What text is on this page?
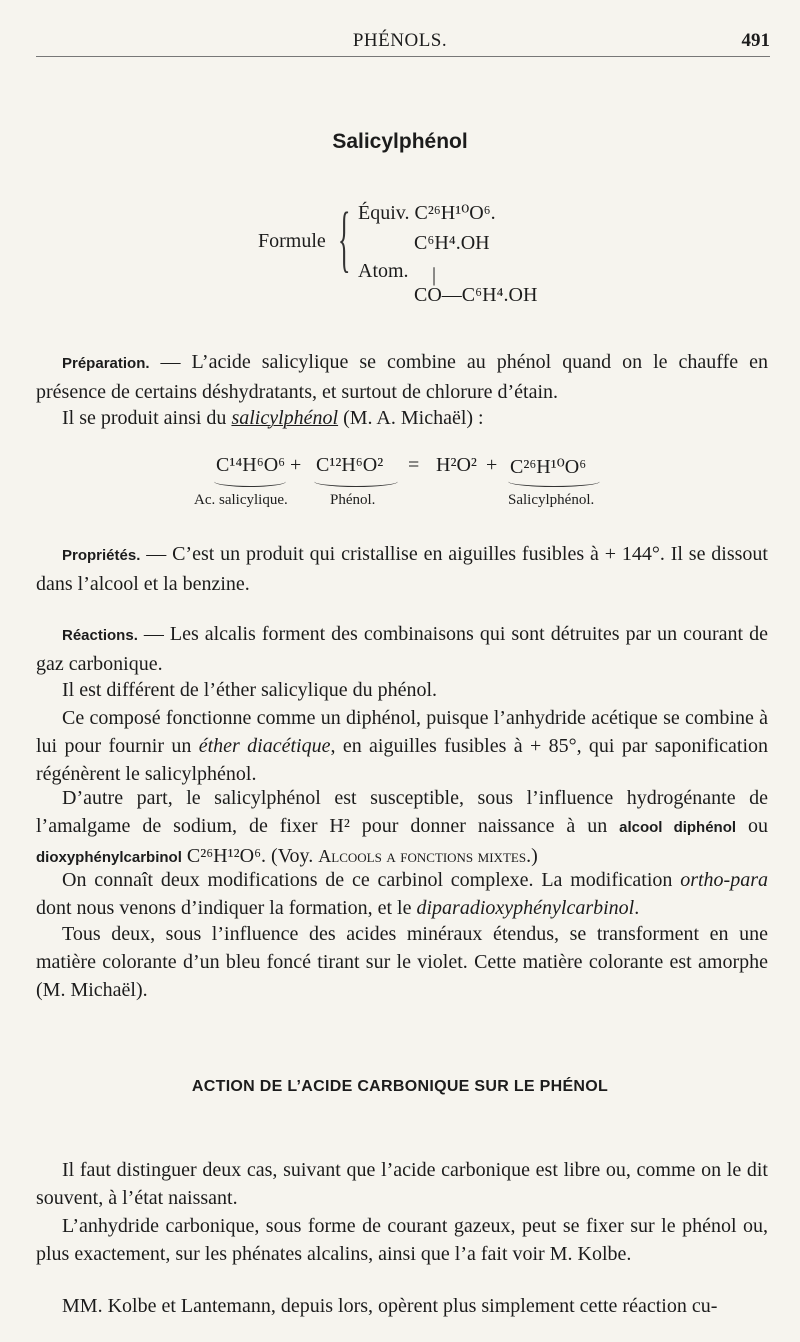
PHÉNOLS.	491
Salicylphénol
Formule { Équiv. C²⁶H¹⁰O⁶.
C⁶H⁴.OH
Atom. |
CO—C⁶H⁴.OH

Préparation. — L’acide salicylique se combine au phénol quand on le chauffe en présence de certains déshydratants, et surtout de chlorure d’étain.

Il se produit ainsi du salicylphénol (M. A. Michaël) :

C¹⁴H⁶O⁶ + C¹²H⁶O² = H²O² + C²⁶H¹⁰O⁶
Ac. salicylique.	Phénol.	Salicylphénol.

Propriétés. — C’est un produit qui cristallise en aiguilles fusibles à + 144°. Il se dissout dans l’alcool et la benzine.

Réactions. — Les alcalis forment des combinaisons qui sont détruites par un courant de gaz carbonique.

Il est différent de l’éther salicylique du phénol.

Ce composé fonctionne comme un diphénol, puisque l’anhydride acétique se combine à lui pour fournir un éther diacétique, en aiguilles fusibles à + 85°, qui par saponification régénèrent le salicylphénol.

D’autre part, le salicylphénol est susceptible, sous l’influence hydrogénante de l’amalgame de sodium, de fixer H² pour donner naissance à un alcool diphénol ou dioxyphénylcarbinol C²⁶H¹²O⁶. (Voy. Alcools a fonctions mixtes.)

On connaît deux modifications de ce carbinol complexe. La modification ortho-para dont nous venons d’indiquer la formation, et le diparadioxyphénylcarbinol.

Tous deux, sous l’influence des acides minéraux étendus, se transforment en une matière colorante d’un bleu foncé tirant sur le violet. Cette matière colorante est amorphe (M. Michaël).

ACTION DE L’ACIDE CARBONIQUE SUR LE PHÉNOL

Il faut distinguer deux cas, suivant que l’acide carbonique est libre ou, comme on le dit souvent, à l’état naissant.

L’anhydride carbonique, sous forme de courant gazeux, peut se fixer sur le phénol ou, plus exactement, sur les phénates alcalins, ainsi que l’a fait voir M. Kolbe.

MM. Kolbe et Lantemann, depuis lors, opèrent plus simplement cette réaction cu-
